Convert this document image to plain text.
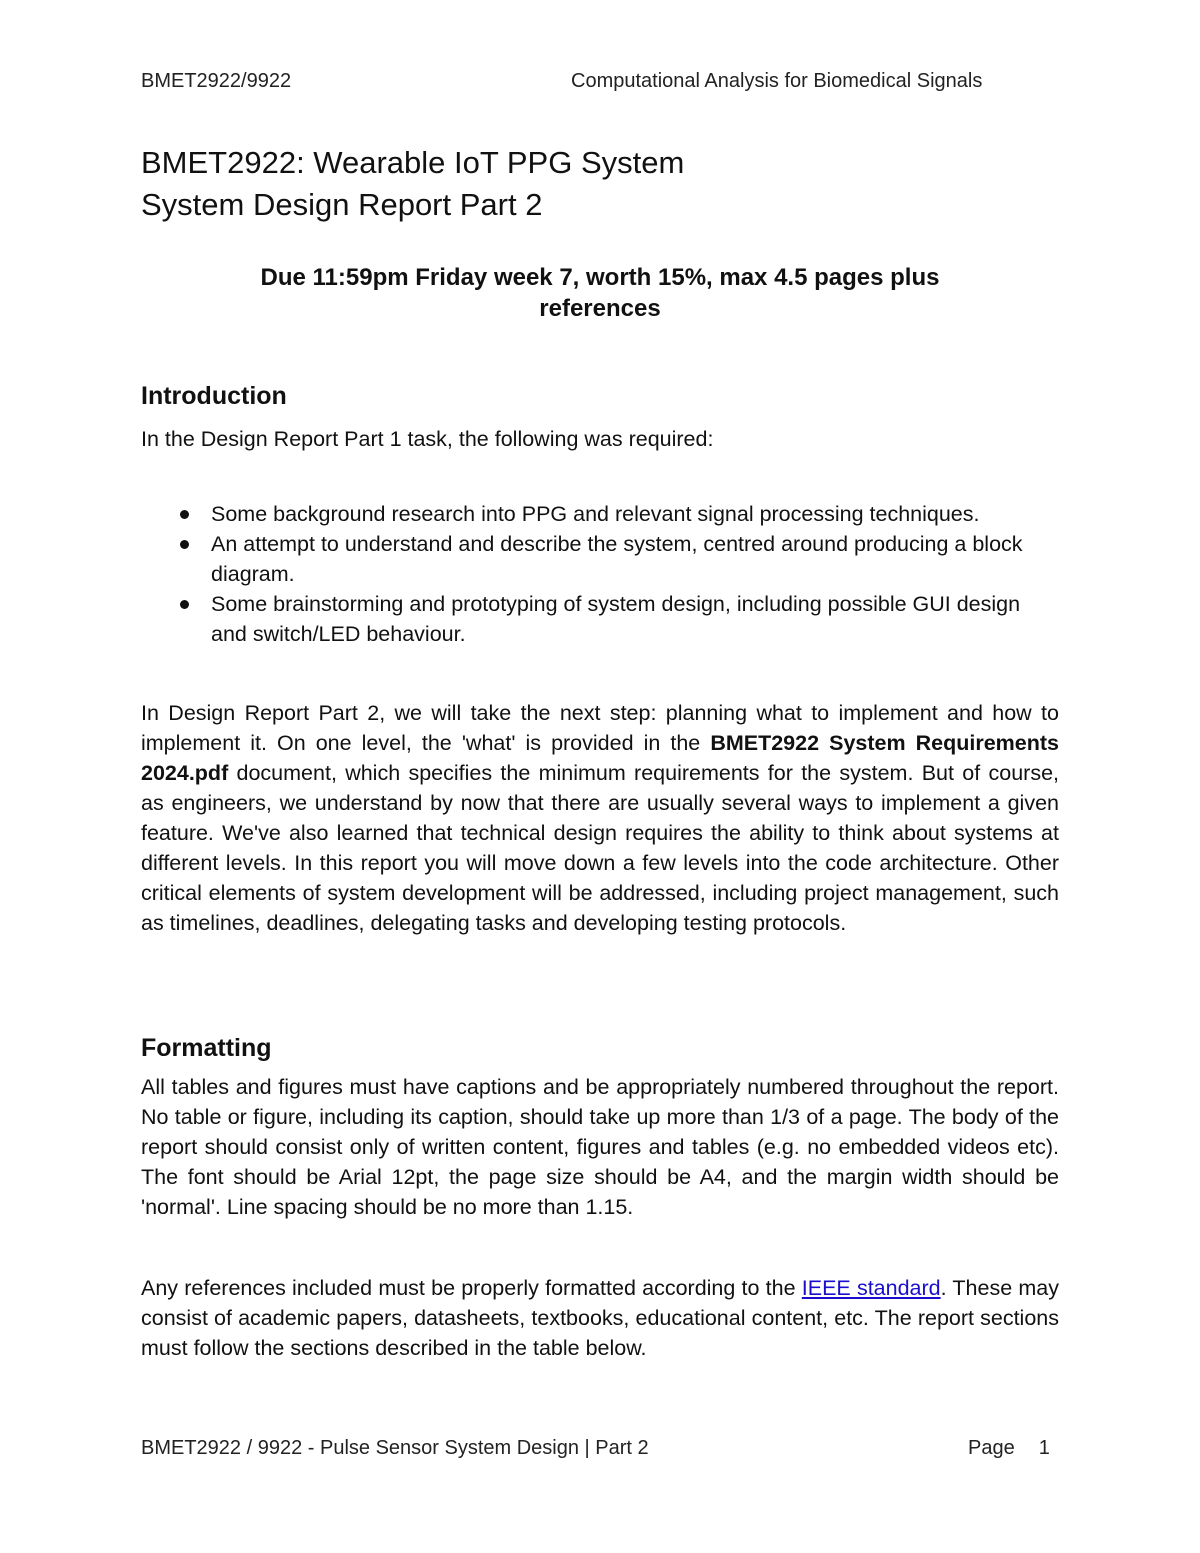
BMET2922/9922	Computational Analysis for Biomedical Signals
BMET2922: Wearable IoT PPG System
System Design Report Part 2
Due 11:59pm Friday week 7, worth 15%, max 4.5 pages plus
references
Introduction

In the Design Report Part 1 task, the following was required:

Some background research into PPG and relevant signal processing techniques.
An attempt to understand and describe the system, centred around producing a block diagram.
Some brainstorming and prototyping of system design, including possible GUI design and switch/LED behaviour.

In Design Report Part 2, we will take the next step: planning what to implement and how to implement it. On one level, the 'what' is provided in the BMET2922 System Requirements 2024.pdf document, which specifies the minimum requirements for the system. But of course, as engineers, we understand by now that there are usually several ways to implement a given feature. We've also learned that technical design requires the ability to think about systems at different levels. In this report you will move down a few levels into the code architecture. Other critical elements of system development will be addressed, including project management, such as timelines, deadlines, delegating tasks and developing testing protocols.

Formatting

All tables and figures must have captions and be appropriately numbered throughout the report. No table or figure, including its caption, should take up more than 1/3 of a page. The body of the report should consist only of written content, figures and tables (e.g. no embedded videos etc). The font should be Arial 12pt, the page size should be A4, and the margin width should be 'normal'. Line spacing should be no more than 1.15.

Any references included must be properly formatted according to the IEEE standard. These may consist of academic papers, datasheets, textbooks, educational content, etc. The report sections must follow the sections described in the table below.

BMET2922 / 9922 - Pulse Sensor System Design | Part 2	Page 1
